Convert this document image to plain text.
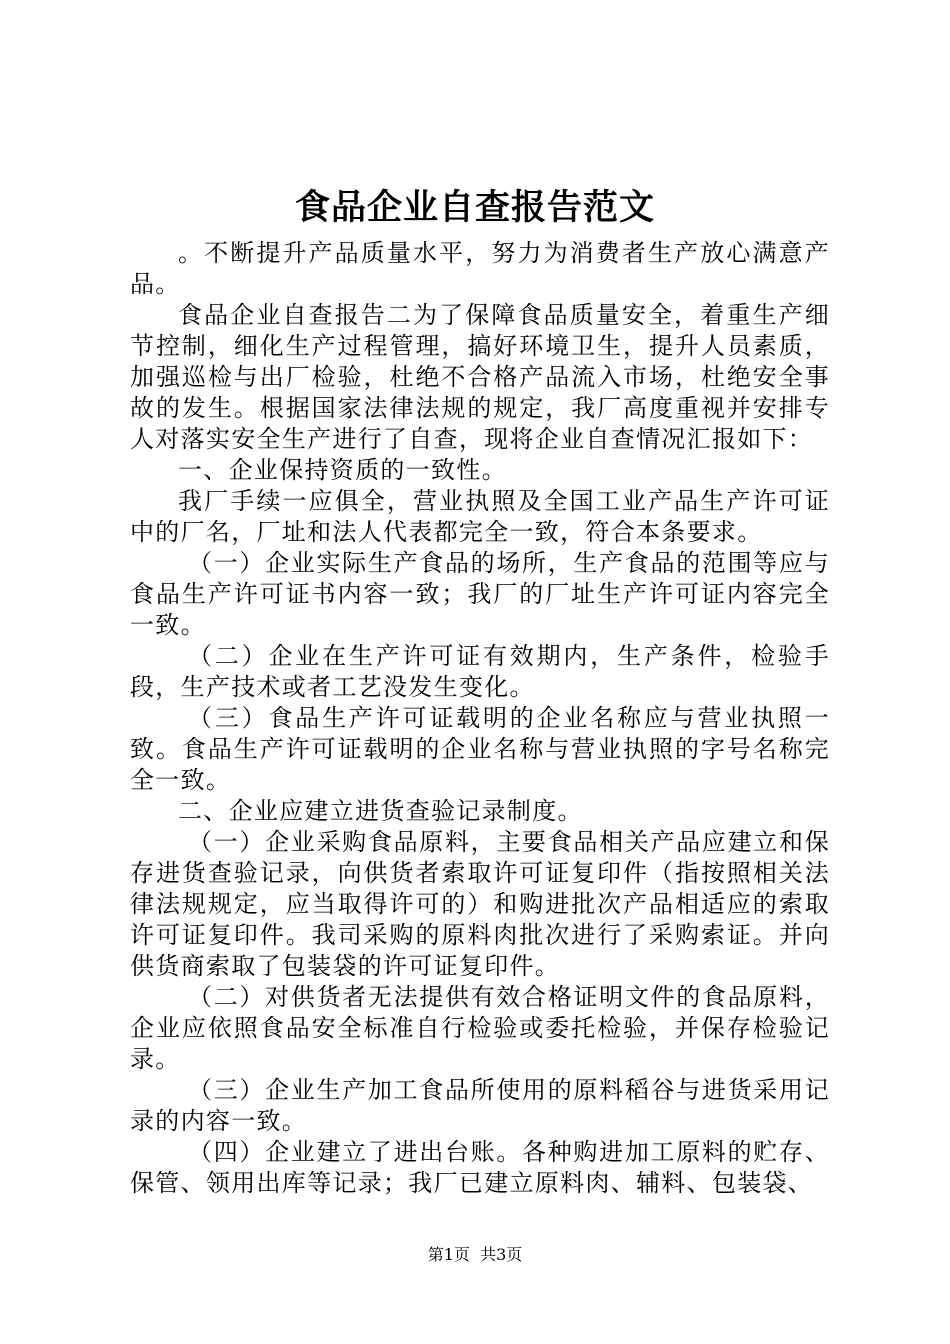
食品企业自查报告范文

。不断提升产品质量水平，努力为消费者生产放心满意产品。

食品企业自查报告二为了保障食品质量安全，着重生产细节控制，细化生产过程管理，搞好环境卫生，提升人员素质，加强巡检与出厂检验，杜绝不合格产品流入市场，杜绝安全事故的发生。根据国家法律法规的规定，我厂高度重视并安排专人对落实安全生产进行了自查，现将企业自查情况汇报如下：

一、企业保持资质的一致性。

我厂手续一应俱全，营业执照及全国工业产品生产许可证中的厂名，厂址和法人代表都完全一致，符合本条要求。

（一）企业实际生产食品的场所，生产食品的范围等应与食品生产许可证书内容一致；我厂的厂址生产许可证内容完全一致。

（二）企业在生产许可证有效期内，生产条件，检验手段，生产技术或者工艺没发生变化。

（三）食品生产许可证载明的企业名称应与营业执照一致。食品生产许可证载明的企业名称与营业执照的字号名称完全一致。

二、企业应建立进货查验记录制度。

（一）企业采购食品原料，主要食品相关产品应建立和保存进货查验记录，向供货者索取许可证复印件（指按照相关法律法规规定，应当取得许可的）和购进批次产品相适应的索取许可证复印件。我司采购的原料肉批次进行了采购索证。并向供货商索取了包装袋的许可证复印件。

（二）对供货者无法提供有效合格证明文件的食品原料，企业应依照食品安全标准自行检验或委托检验，并保存检验记录。

（三）企业生产加工食品所使用的原料稻谷与进货采用记录的内容一致。

（四）企业建立了进出台账。各种购进加工原料的贮存、保管、领用出库等记录；我厂已建立原料肉、辅料、包装袋、

第1页 共3页
